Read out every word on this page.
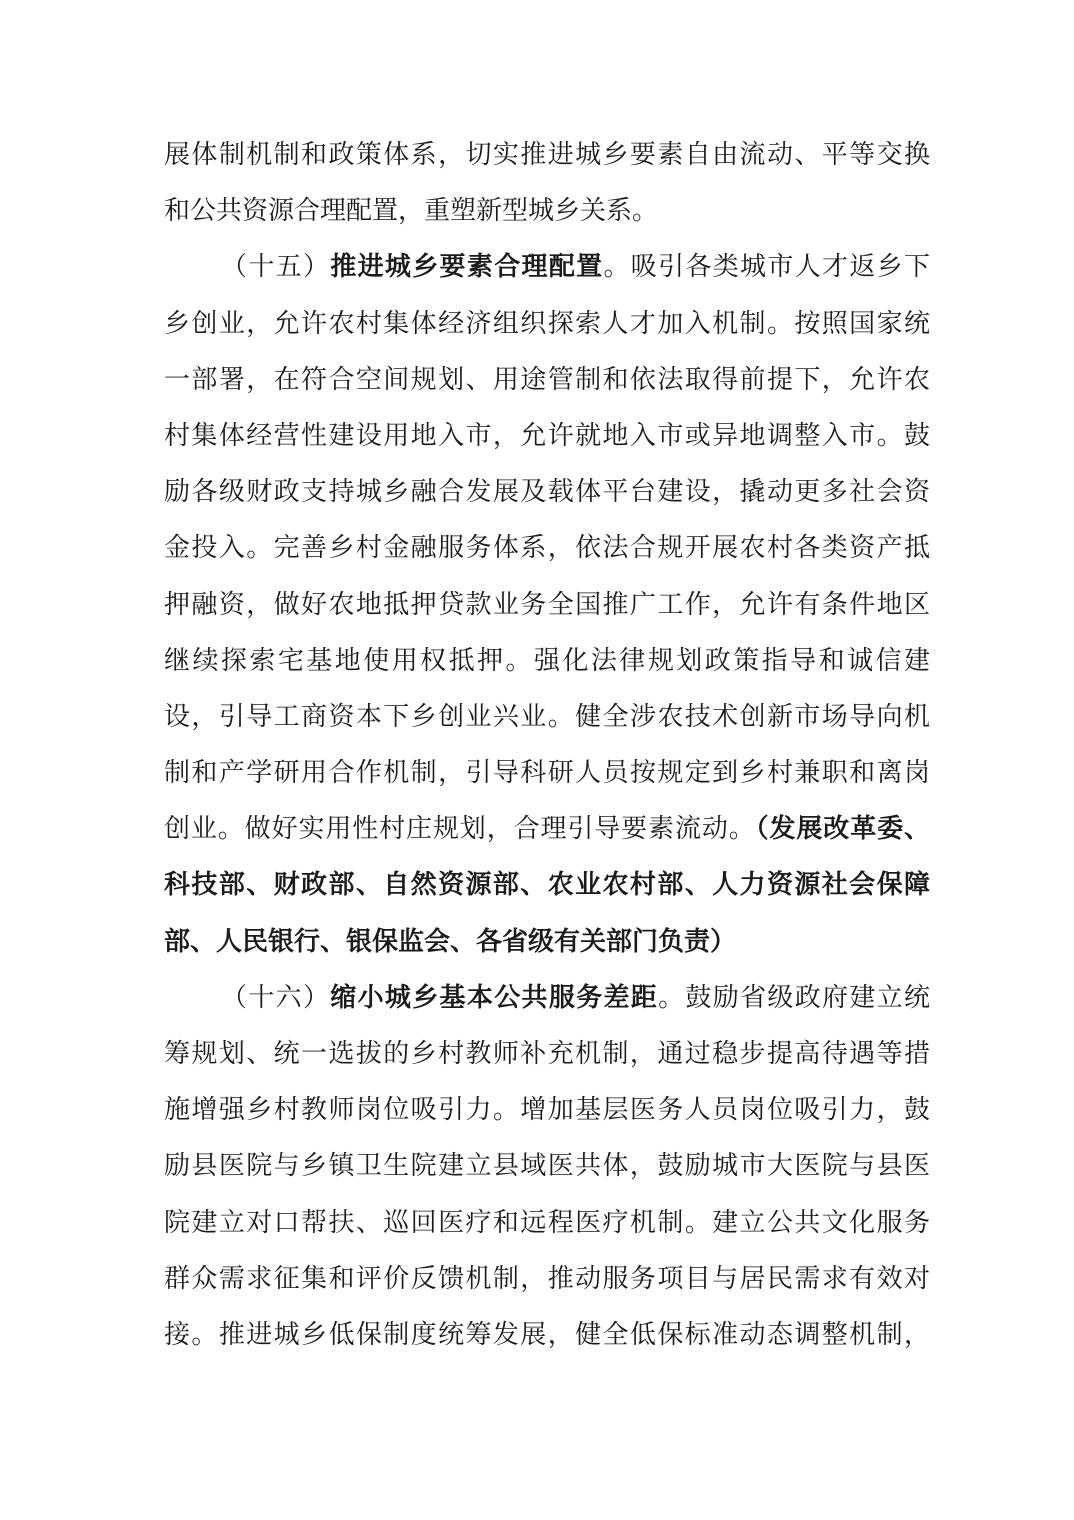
展体制机制和政策体系，切实推进城乡要素自由流动、平等交换
和公共资源合理配置，重塑新型城乡关系。
（十五）推进城乡要素合理配置。吸引各类城市人才返乡下
乡创业，允许农村集体经济组织探索人才加入机制。按照国家统
一部署，在符合空间规划、用途管制和依法取得前提下，允许农
村集体经营性建设用地入市，允许就地入市或异地调整入市。鼓
励各级财政支持城乡融合发展及载体平台建设，撬动更多社会资
金投入。完善乡村金融服务体系，依法合规开展农村各类资产抵
押融资，做好农地抵押贷款业务全国推广工作，允许有条件地区
继续探索宅基地使用权抵押。强化法律规划政策指导和诚信建
设，引导工商资本下乡创业兴业。健全涉农技术创新市场导向机
制和产学研用合作机制，引导科研人员按规定到乡村兼职和离岗
创业。做好实用性村庄规划，合理引导要素流动。（发展改革委、
科技部、财政部、自然资源部、农业农村部、人力资源社会保障
部、人民银行、银保监会、各省级有关部门负责）
（十六）缩小城乡基本公共服务差距。鼓励省级政府建立统
筹规划、统一选拔的乡村教师补充机制，通过稳步提高待遇等措
施增强乡村教师岗位吸引力。增加基层医务人员岗位吸引力，鼓
励县医院与乡镇卫生院建立县域医共体，鼓励城市大医院与县医
院建立对口帮扶、巡回医疗和远程医疗机制。建立公共文化服务
群众需求征集和评价反馈机制，推动服务项目与居民需求有效对
接。推进城乡低保制度统筹发展，健全低保标准动态调整机制，
